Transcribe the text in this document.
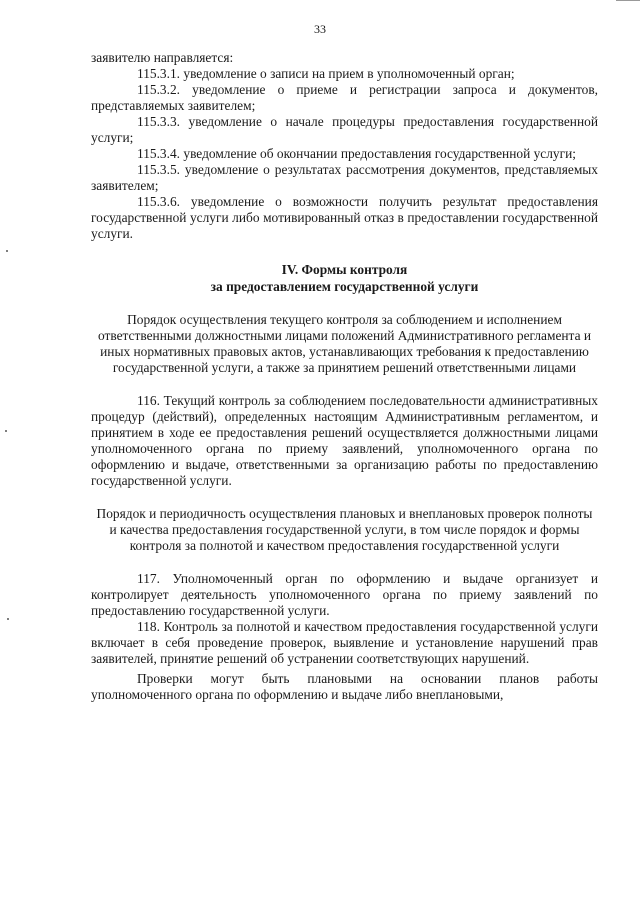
33

заявителю направляется:

115.3.1. уведомление о записи на прием в уполномоченный орган;

115.3.2. уведомление о приеме и регистрации запроса и документов, представляемых заявителем;

115.3.3. уведомление о начале процедуры предоставления государственной услуги;

115.3.4. уведомление об окончании предоставления государственной услуги;

115.3.5. уведомление о результатах рассмотрения документов, представляемых заявителем;

115.3.6. уведомление о возможности получить результат предоставления государственной услуги либо мотивированный отказ в предоставлении государственной услуги.

IV. Формы контроля
за предоставлением государственной услуги

Порядок осуществления текущего контроля за соблюдением и исполнением ответственными должностными лицами положений Административного регламента и иных нормативных правовых актов, устанавливающих требования к предоставлению государственной услуги, а также за принятием решений ответственными лицами

116. Текущий контроль за соблюдением последовательности административных процедур (действий), определенных настоящим Административным регламентом, и принятием в ходе ее предоставления решений осуществляется должностными лицами уполномоченного органа по приему заявлений, уполномоченного органа по оформлению и выдаче, ответственными за организацию работы по предоставлению государственной услуги.

Порядок и периодичность осуществления плановых и внеплановых проверок полноты и качества предоставления государственной услуги, в том числе порядок и формы контроля за полнотой и качеством предоставления государственной услуги

117. Уполномоченный орган по оформлению и выдаче организует и контролирует деятельность уполномоченного органа по приему заявлений по предоставлению государственной услуги.

118. Контроль за полнотой и качеством предоставления государственной услуги включает в себя проведение проверок, выявление и установление нарушений прав заявителей, принятие решений об устранении соответствующих нарушений.

Проверки могут быть плановыми на основании планов работы уполномоченного органа по оформлению и выдаче либо внеплановыми,
